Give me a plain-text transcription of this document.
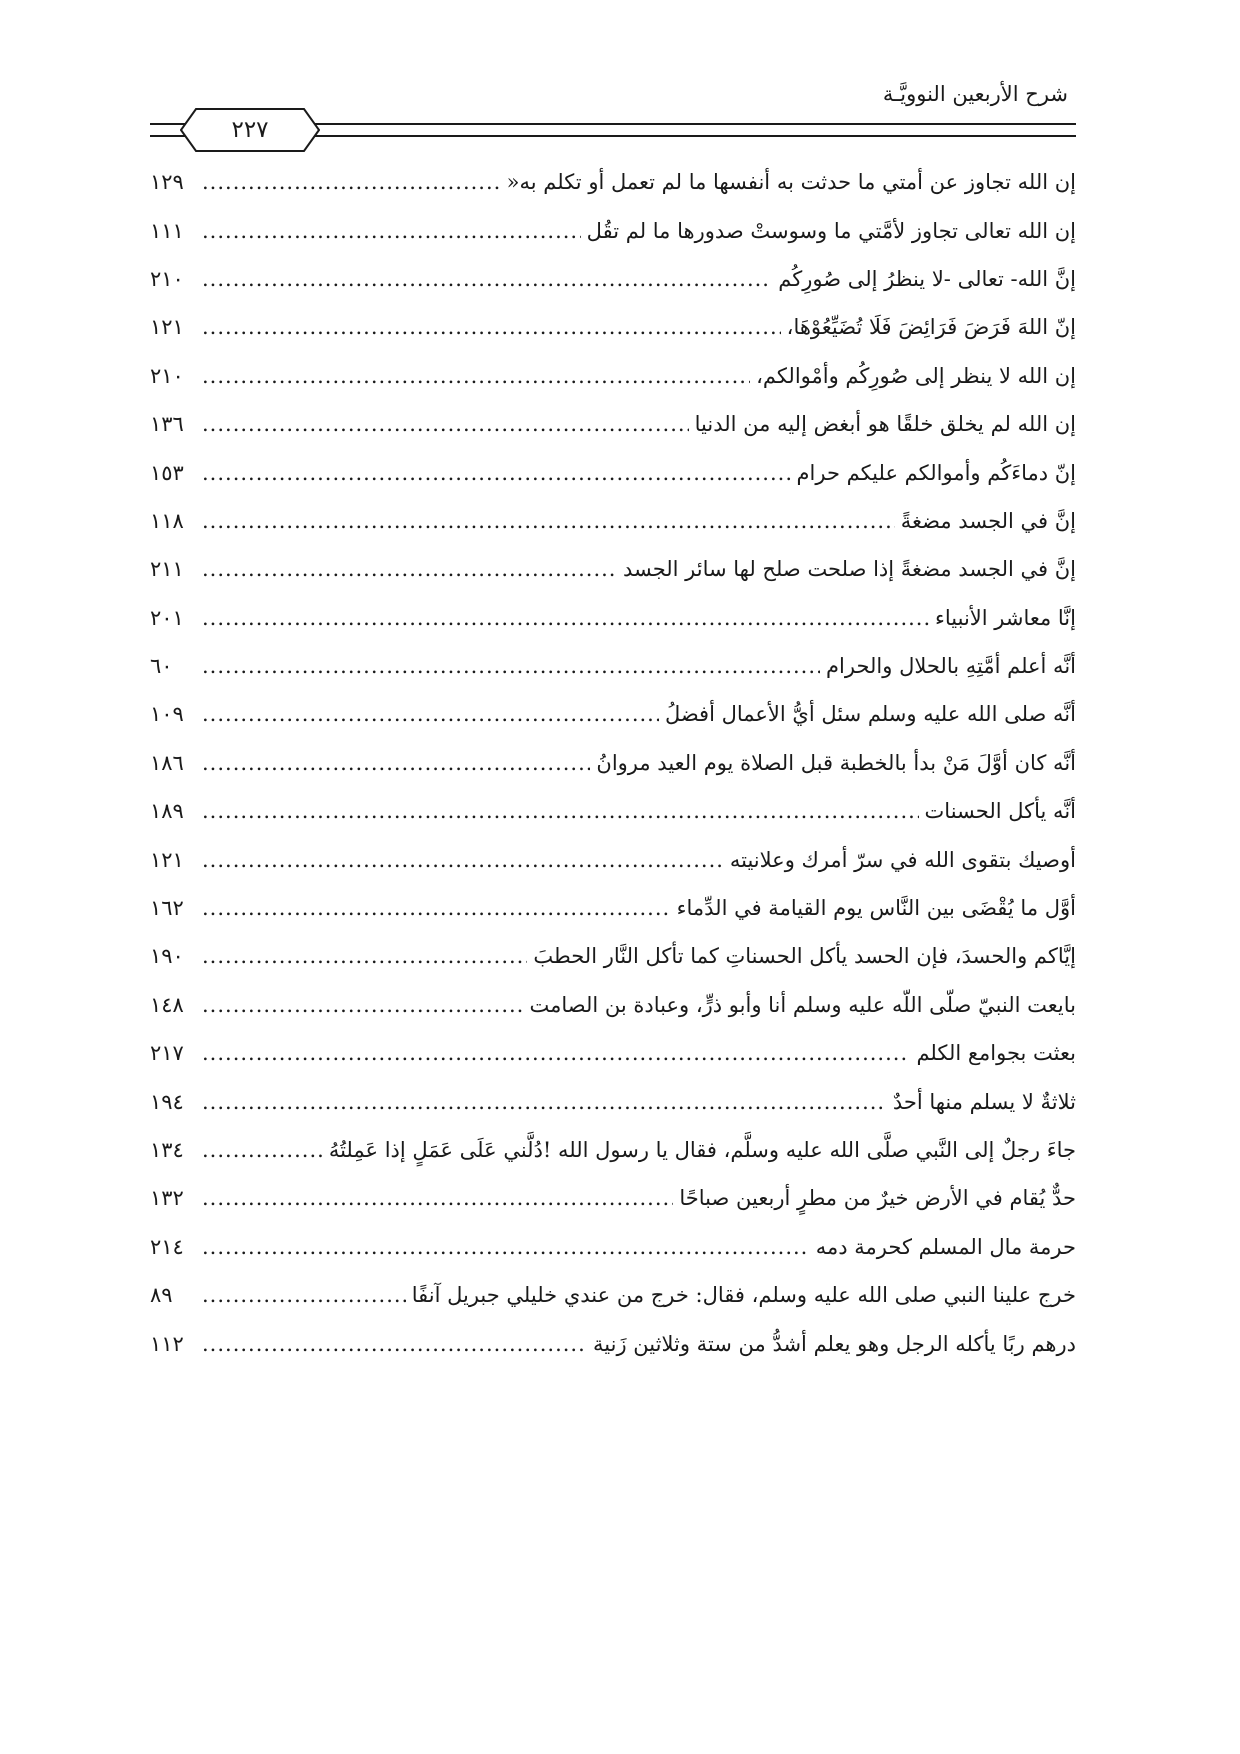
شرح الأربعين النوويَّـة
٢٢٧
إن الله تجاوز عن أمتي ما حدثت به أنفسها ما لم تعمل أو تكلم به«
.....
١٢٩
إن الله تعالى تجاوز لأمَّتي ما وسوستْ صدورها ما لم تقُل
.....
١١١
إنَّ الله- تعالى -لا ينظرُ إلى صُورِكُم
.....
٢١٠
إنّ اللهَ فَرَضَ فَرَائِضَ فَلَا تُضَيِّعُوْهَا،
.....
١٢١
إن الله لا ينظر إلى صُورِكُم وأمْوالكم،
.....
٢١٠
إن الله لم يخلق خلقًا هو أبغض إليه من الدنيا
.....
١٣٦
إنّ دماءَكُم وأموالكم عليكم حرام
.....
١٥٣
إنَّ في الجسد مضغةً
.....
١١٨
إنَّ في الجسد مضغةً إذا صلحت صلح لها سائر الجسد
.....
٢١١
إنَّا معاشر الأنبياء
.....
٢٠١
أنَّه أعلم أمَّتِهِ بالحلال والحرام
.....
٦٠
أنَّه صلى الله عليه وسلم سئل أيُّ الأعمال أفضلُ
.....
١٠٩
أنَّه كان أوَّلَ مَنْ بدأ بالخطبة قبل الصلاة يوم العيد مروانُ
.....
١٨٦
أنَّه يأكل الحسنات
.....
١٨٩
أوصيك بتقوى الله في سرّ أمرك وعلانيته
.....
١٢١
أوَّل ما يُقْضَى بين النَّاس يوم القيامة في الدِّماء
.....
١٦٢
إيَّاكم والحسدَ، فإن الحسد يأكل الحسناتِ كما تأكل النَّار الحطبَ
.....
١٩٠
بايعت النبيّ صلّى اللّه عليه وسلم أنا وأبو ذرٍّ، وعبادة بن الصامت
.....
١٤٨
بعثت بجوامع الكلم
.....
٢١٧
ثلاثةٌ لا يسلم منها أحدٌ
.....
١٩٤
جاءَ رجلٌ إلى النَّبي صلَّى الله عليه وسلَّم، فقال يا رسول الله !دُلَّني عَلَى عَمَلٍ إذا عَمِلتُهُ
.....
١٣٤
حدٌّ يُقام في الأرض خيرٌ من مطرٍ أربعين صباحًا
.....
١٣٢
حرمة مال المسلم كحرمة دمه
.....
٢١٤
خرج علينا النبي صلى الله عليه وسلم، فقال: خرج من عندي خليلي جبريل آنفًا
.....
٨٩
درهم ربًا يأكله الرجل وهو يعلم أشدُّ من ستة وثلاثين زَنية
.....
١١٢
